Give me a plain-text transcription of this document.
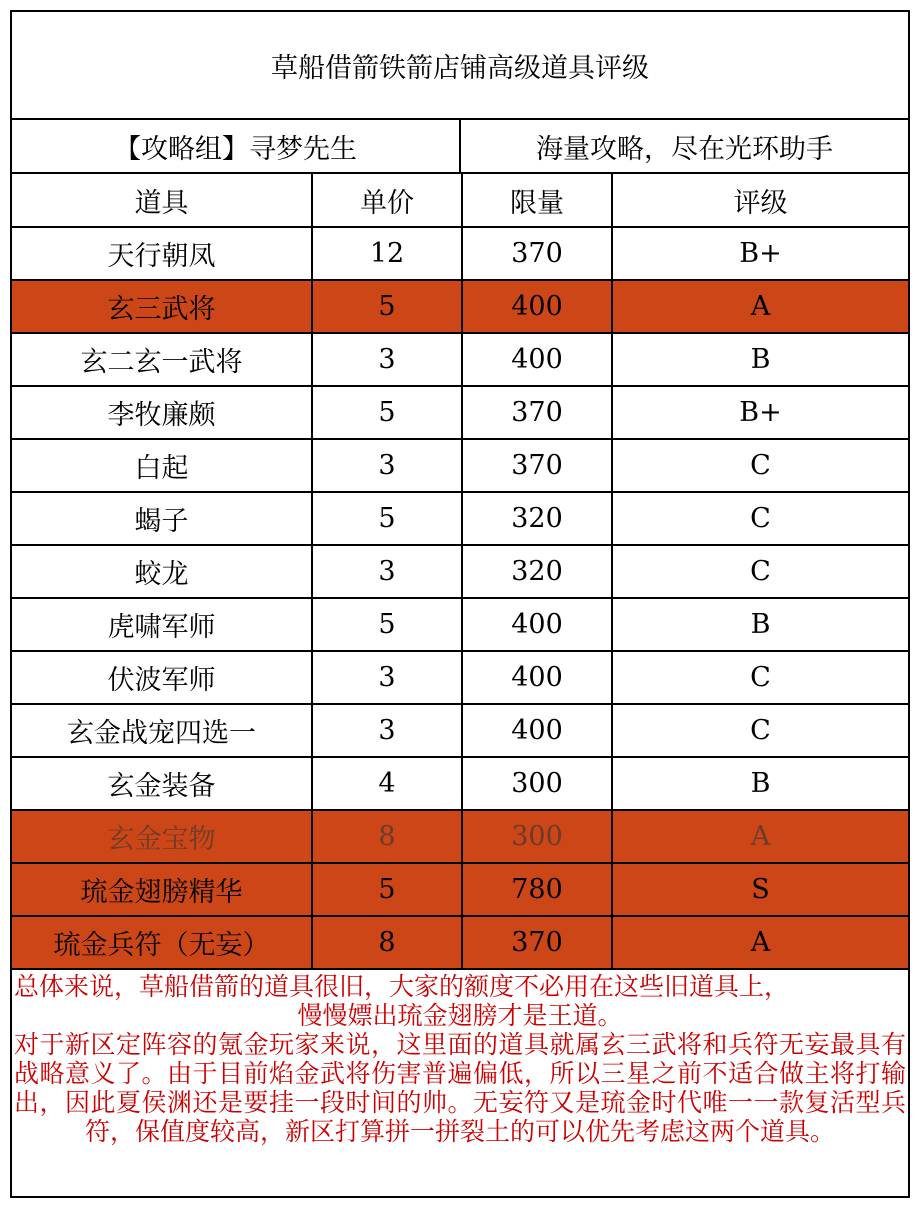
草船借箭铁箭店铺高级道具评级
【攻略组】寻梦先生	海量攻略，尽在光环助手
道具	单价	限量	评级
天行朝凤	12	370	B+
玄三武将	5	400	A
玄二玄一武将	3	400	B
李牧廉颇	5	370	B+
白起	3	370	C
蝎子	5	320	C
蛟龙	3	320	C
虎啸军师	5	400	B
伏波军师	3	400	C
玄金战宠四选一	3	400	C
玄金装备	4	300	B
玄金宝物	8	300	A
琉金翅膀精华	5	780	S
琉金兵符（无妄）	8	370	A

总体来说，草船借箭的道具很旧，大家的额度不必用在这些旧道具上，

慢慢嫖出琉金翅膀才是王道。

对于新区定阵容的氪金玩家来说，这里面的道具就属玄三武将和兵符无妄最具有战略意义了。由于目前焰金武将伤害普遍偏低，所以三星之前不适合做主将打输出，因此夏侯渊还是要挂一段时间的帅。无妄符又是琉金时代唯一一款复活型兵符，保值度较高，新区打算拼一拼裂土的可以优先考虑这两个道具。
